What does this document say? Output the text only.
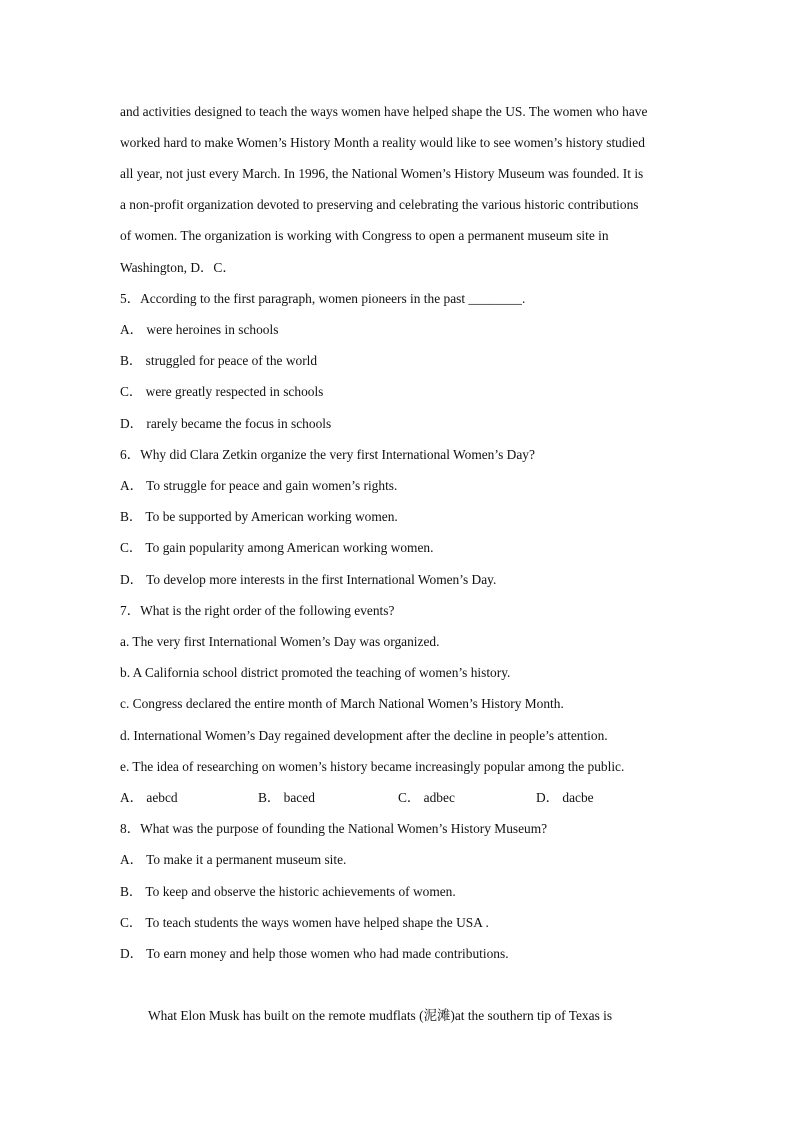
and activities designed to teach the ways women have helped shape the US. The women who have
worked hard to make Women’s History Month a reality would like to see women’s history studied
all year, not just every March. In 1996, the National Women’s History Museum was founded. It is
a non-profit organization devoted to preserving and celebrating the various historic contributions
of women. The organization is working with Congress to open a permanent museum site in
Washington, D．C．
5．According to the first paragraph, women pioneers in the past ________.
A． were heroines in schools
B． struggled for peace of the world
C． were greatly respected in schools
D． rarely became the focus in schools
6．Why did Clara Zetkin organize the very first International Women’s Day?
A． To struggle for peace and gain women’s rights.
B． To be supported by American working women.
C． To gain popularity among American working women.
D． To develop more interests in the first International Women’s Day.
7．What is the right order of the following events?
a. The very first International Women’s Day was organized.
b. A California school district promoted the teaching of women’s history.
c. Congress declared the entire month of March National Women’s History Month.
d. International Women’s Day regained development after the decline in people’s attention.
e. The idea of researching on women’s history became increasingly popular among the public.
A． aebcd	B． baced	C． adbec	D． dacbe
8．What was the purpose of founding the National Women’s History Museum?
A． To make it a permanent museum site.
B． To keep and observe the historic achievements of women.
C． To teach students the ways women have helped shape the USA .
D． To earn money and help those women who had made contributions.
What Elon Musk has built on the remote mudflats (泥滩)at the southern tip of Texas is
